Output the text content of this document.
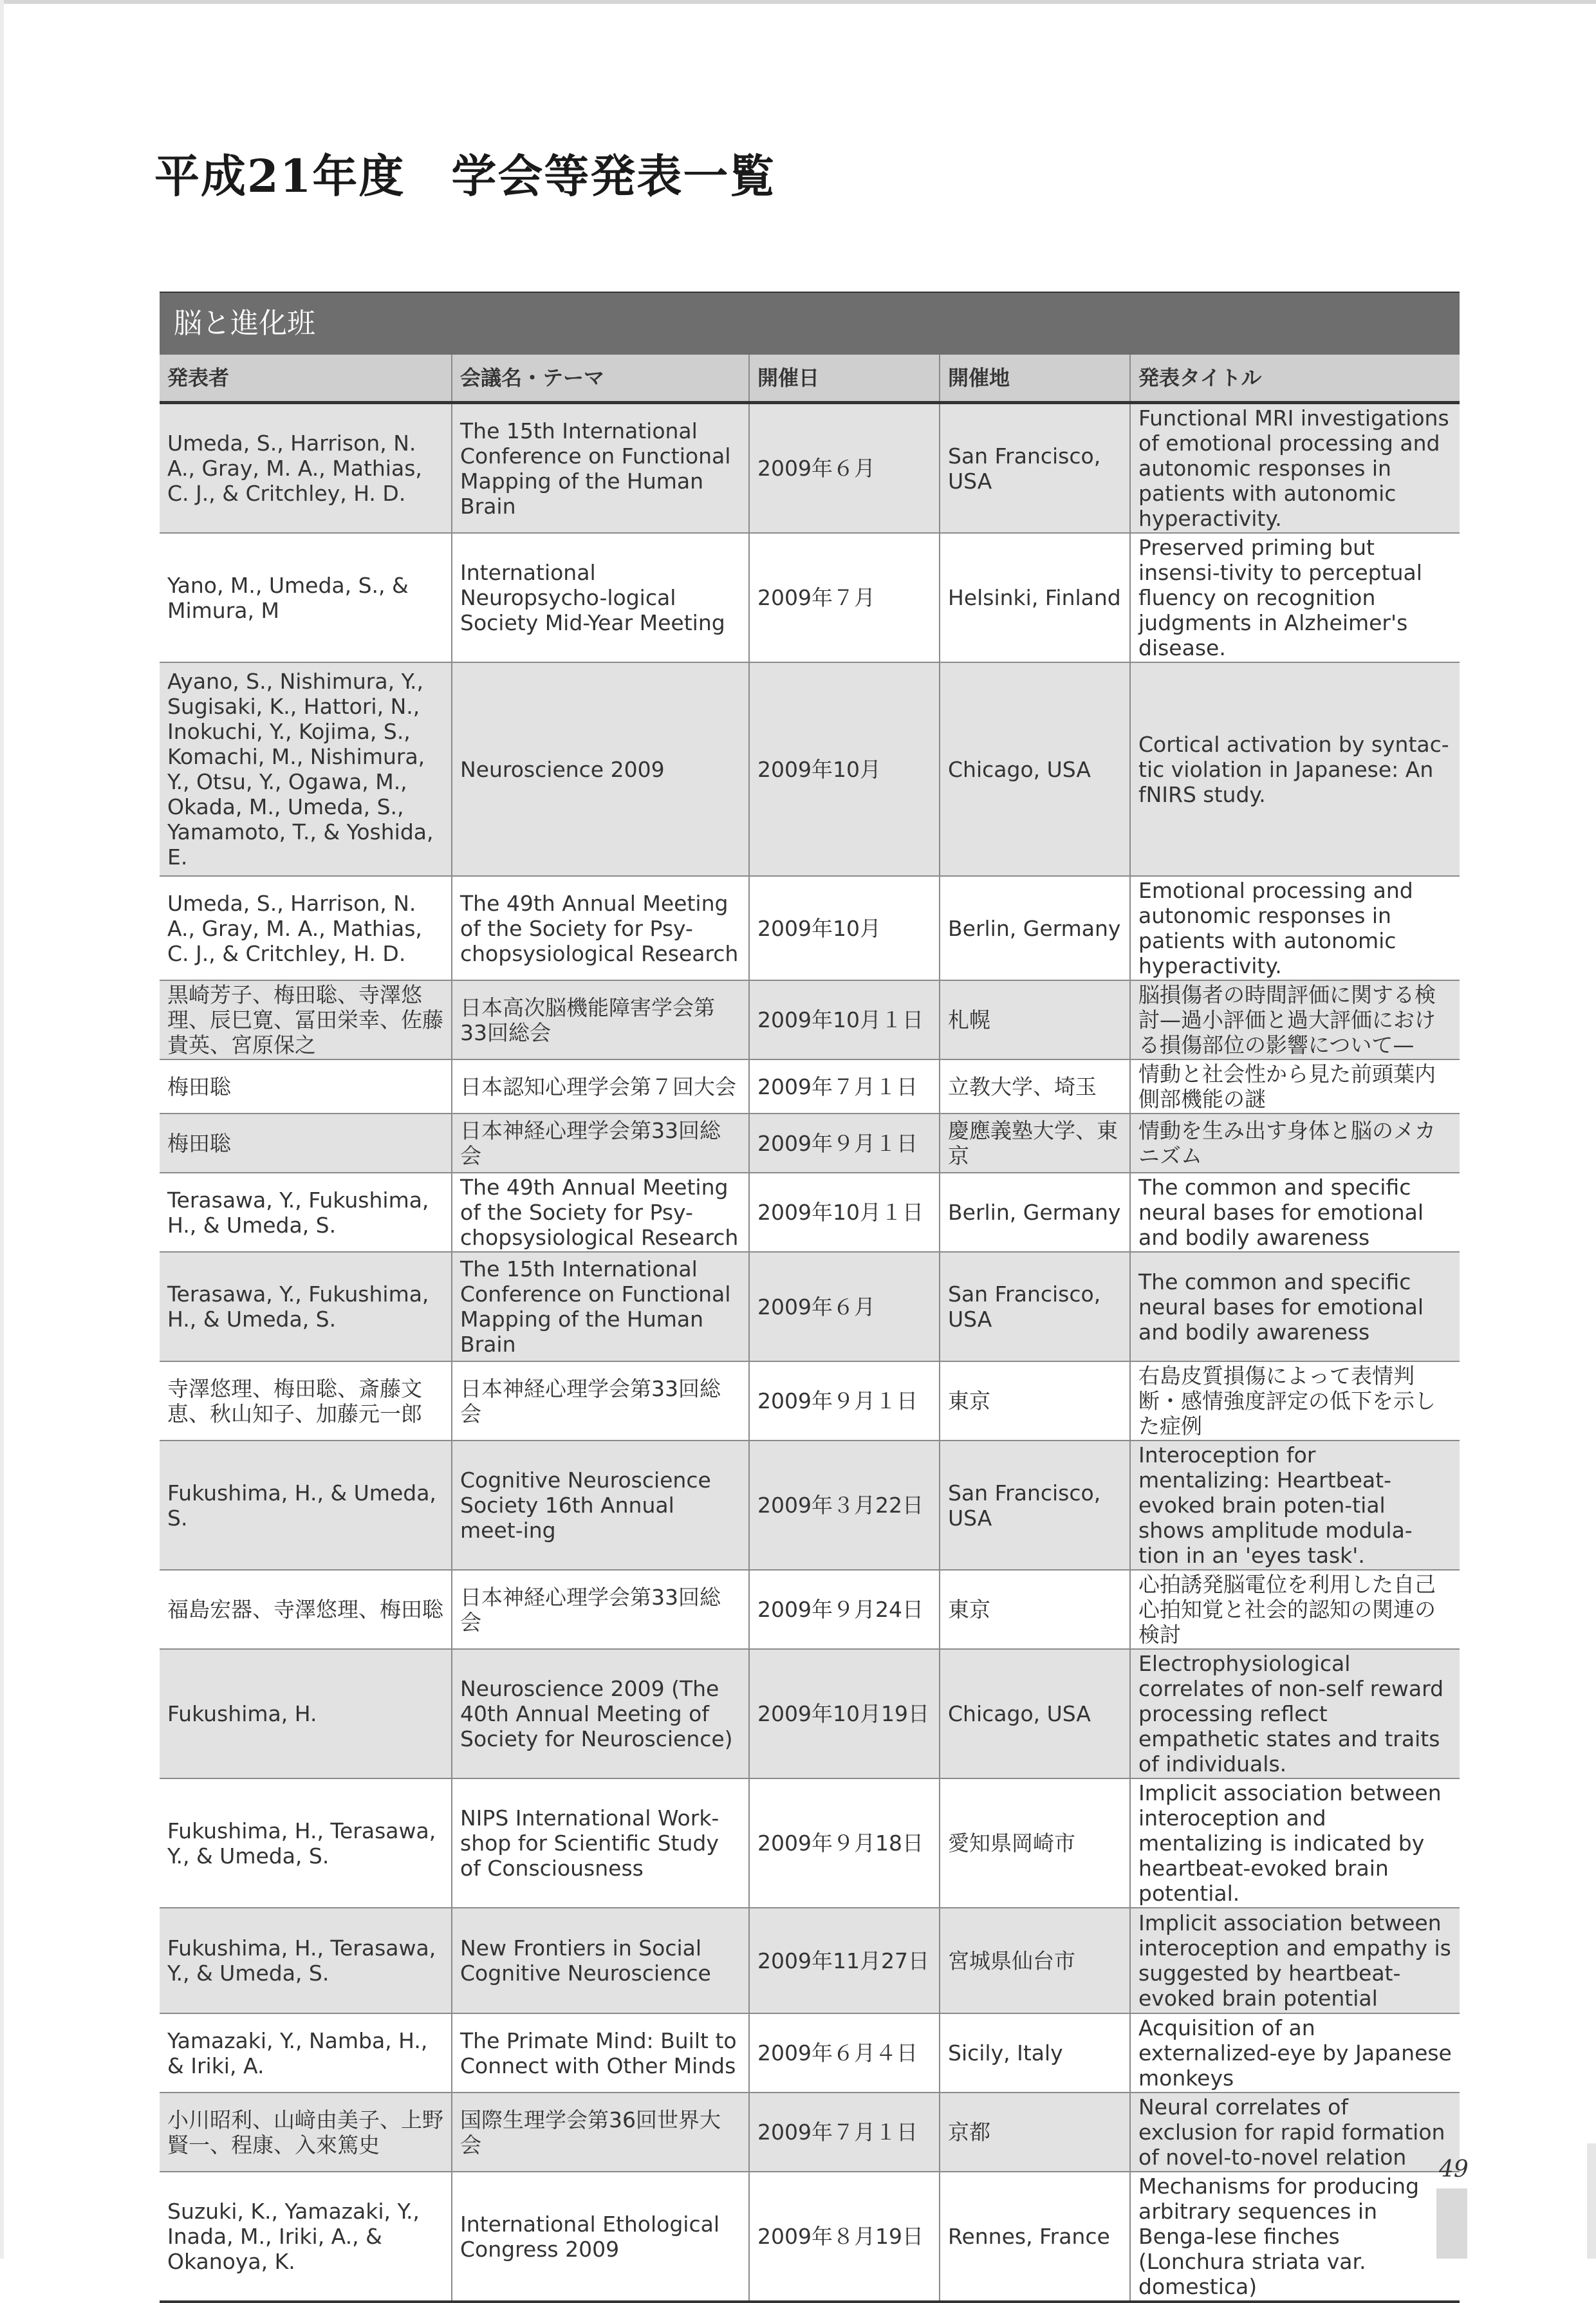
平成21年度　学会等発表一覧
脳と進化班
発表者	会議名・テーマ	開催日	開催地	発表タイトル
Umeda, S., Harrison, N. A., Gray, M. A., Mathias, C. J., & Critchley, H. D.	The 15th International Conference on Functional Mapping of the Human Brain	2009年６月	San Francisco, USA	Functional MRI investigations of emotional processing and autonomic responses in patients with autonomic hyperactivity.
Yano, M., Umeda, S., & Mimura, M	International Neuropsycho-logical Society Mid-Year Meeting	2009年７月	Helsinki, Finland	Preserved priming but insensi-tivity to perceptual fluency on recognition judgments in Alzheimer's disease.
Ayano, S., Nishimura, Y., Sugisaki, K., Hattori, N., Inokuchi, Y., Kojima, S., Komachi, M., Nishimura, Y., Otsu, Y., Ogawa, M., Okada, M., Umeda, S., Yamamoto, T., & Yoshida, E.	Neuroscience 2009	2009年10月	Chicago, USA	Cortical activation by syntac-tic violation in Japanese: An fNIRS study.
Umeda, S., Harrison, N. A., Gray, M. A., Mathias, C. J., & Critchley, H. D.	The 49th Annual Meeting of the Society for Psy-chopsysiological Research	2009年10月	Berlin, Germany	Emotional processing and autonomic responses in patients with autonomic hyperactivity.
黒崎芳子、梅田聡、寺澤悠理、辰巳寛、冨田栄幸、佐藤貴英、宮原保之	日本高次脳機能障害学会第33回総会	2009年10月１日	札幌	脳損傷者の時間評価に関する検討—過小評価と過大評価における損傷部位の影響について—
梅田聡	日本認知心理学会第７回大会	2009年７月１日	立教大学、埼玉	情動と社会性から見た前頭葉内側部機能の謎
梅田聡	日本神経心理学会第33回総会	2009年９月１日	慶應義塾大学、東京	情動を生み出す身体と脳のメカニズム
Terasawa, Y., Fukushima, H., & Umeda, S.	The 49th Annual Meeting of the Society for Psy-chopsysiological Research	2009年10月１日	Berlin, Germany	The common and specific neural bases for emotional and bodily awareness
Terasawa, Y., Fukushima, H., & Umeda, S.	The 15th International Conference on Functional Mapping of the Human Brain	2009年６月	San Francisco, USA	The common and specific neural bases for emotional and bodily awareness
寺澤悠理、梅田聡、斎藤文恵、秋山知子、加藤元一郎	日本神経心理学会第33回総会	2009年９月１日	東京	右島皮質損傷によって表情判断・感情強度評定の低下を示した症例
Fukushima, H., & Umeda, S.	Cognitive Neuroscience Society 16th Annual meet-ing	2009年３月22日	San Francisco, USA	Interoception for mentalizing: Heartbeat-evoked brain poten-tial shows amplitude modula-tion in an 'eyes task'.
福島宏器、寺澤悠理、梅田聡	日本神経心理学会第33回総会	2009年９月24日	東京	心拍誘発脳電位を利用した自己心拍知覚と社会的認知の関連の検討
Fukushima, H.	Neuroscience 2009 (The 40th Annual Meeting of Society for Neuroscience)	2009年10月19日	Chicago, USA	Electrophysiological correlates of non-self reward processing reflect empathetic states and traits of individuals.
Fukushima, H., Terasawa, Y., & Umeda, S.	NIPS International Work-shop for Scientific Study of Consciousness	2009年９月18日	愛知県岡崎市	Implicit association between interoception and mentalizing is indicated by heartbeat-evoked brain potential.
Fukushima, H., Terasawa, Y., & Umeda, S.	New Frontiers in Social Cognitive Neuroscience	2009年11月27日	宮城県仙台市	Implicit association between interoception and empathy is suggested by heartbeat-evoked brain potential
Yamazaki, Y., Namba, H., & Iriki, A.	The Primate Mind: Built to Connect with Other Minds	2009年６月４日	Sicily, Italy	Acquisition of an externalized-eye by Japanese monkeys
小川昭利、山﨑由美子、上野賢一、程康、入來篤史	国際生理学会第36回世界大会	2009年７月１日	京都	Neural correlates of exclusion for rapid formation of novel-to-novel relation
Suzuki, K., Yamazaki, Y., Inada, M., Iriki, A., & Okanoya, K.	International Ethological Congress 2009	2009年８月19日	Rennes, France	Mechanisms for producing arbitrary sequences in Benga-lese finches (Lonchura striata var. domestica)
49
